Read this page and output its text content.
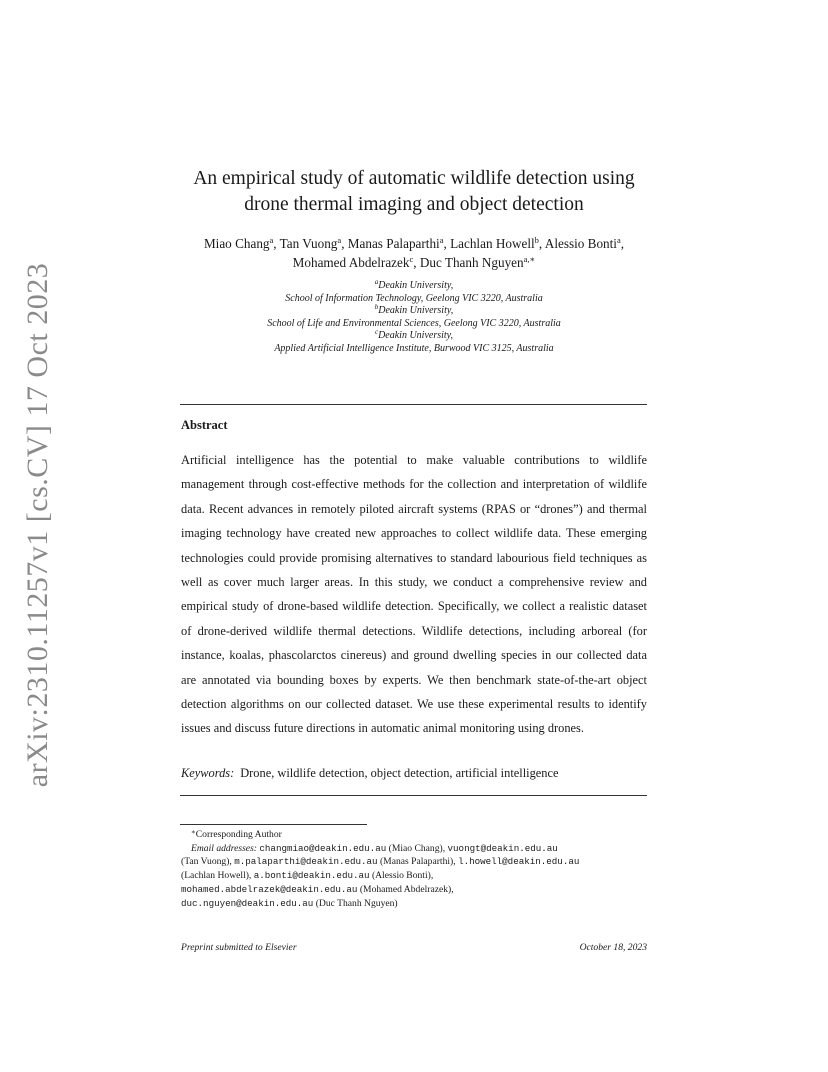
arXiv:2310.11257v1 [cs.CV] 17 Oct 2023
An empirical study of automatic wildlife detection using
drone thermal imaging and object detection
Miao Chang$^a$, Tan Vuong$^a$, Manas Palaparthi$^a$, Lachlan Howell$^b$, Alessio Bonti$^a$,
Mohamed Abdelrazek$^c$, Duc Thanh Nguyen$^{a,∗}$
$^a$Deakin University,
School of Information Technology, Geelong VIC 3220, Australia
$^b$Deakin University,
School of Life and Environmental Sciences, Geelong VIC 3220, Australia
$^c$Deakin University,
Applied Artificial Intelligence Institute, Burwood VIC 3125, Australia
Abstract
Artificial intelligence has the potential to make valuable contributions to wildlife management through cost-effective methods for the collection and interpretation of wildlife data. Recent advances in remotely piloted aircraft systems (RPAS or “drones”) and thermal imaging technology have created new approaches to collect wildlife data. These emerging technologies could provide promising alternatives to standard labourious field techniques as well as cover much larger areas. In this study, we conduct a comprehensive review and empirical study of drone-based wildlife detection. Specifically, we collect a realistic dataset of drone-derived wildlife thermal detections. Wildlife detections, including arboreal (for instance, koalas, phascolarctos cinereus) and ground dwelling species in our collected data are annotated via bounding boxes by experts. We then benchmark state-of-the-art object detection algorithms on our collected dataset. We use these experimental results to identify issues and discuss future directions in automatic animal monitoring using drones.
Keywords: Drone, wildlife detection, object detection, artificial intelligence
∗Corresponding Author
Email addresses: changmiao@deakin.edu.au (Miao Chang), vuongt@deakin.edu.au
(Tan Vuong), m.palaparthi@deakin.edu.au (Manas Palaparthi), l.howell@deakin.edu.au
(Lachlan Howell), a.bonti@deakin.edu.au (Alessio Bonti),
mohamed.abdelrazek@deakin.edu.au (Mohamed Abdelrazek),
duc.nguyen@deakin.edu.au (Duc Thanh Nguyen)
Preprint submitted to Elsevier	October 18, 2023
